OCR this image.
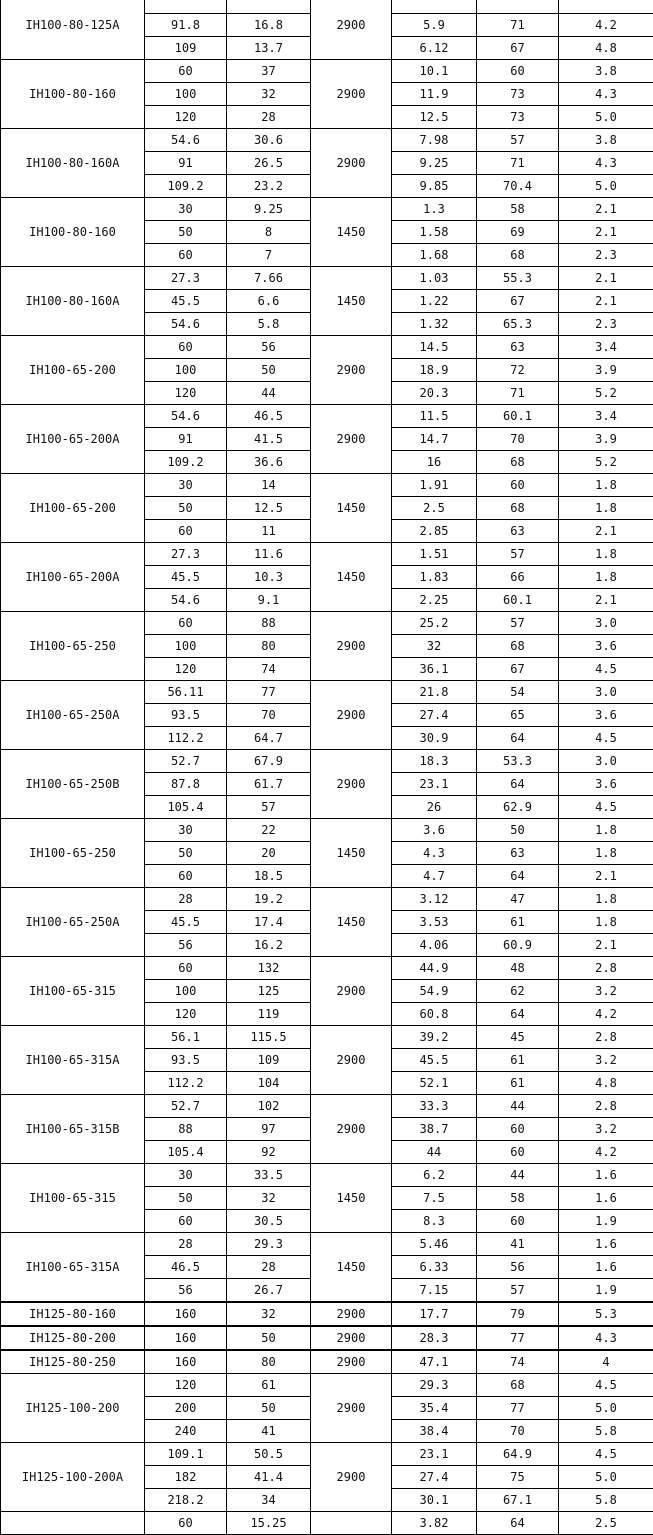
IH100-80-125A			2900			
	91.8	16.8		5.9	71	4.2
	109	13.7		6.12	67	4.8
IH100-80-160	60	37	2900	10.1	60	3.8
	100	32		11.9	73	4.3
	120	28		12.5	73	5.0
IH100-80-160A	54.6	30.6	2900	7.98	57	3.8
	91	26.5		9.25	71	4.3
	109.2	23.2		9.85	70.4	5.0
IH100-80-160	30	9.25	1450	1.3	58	2.1
	50	8		1.58	69	2.1
	60	7		1.68	68	2.3
IH100-80-160A	27.3	7.66	1450	1.03	55.3	2.1
	45.5	6.6		1.22	67	2.1
	54.6	5.8		1.32	65.3	2.3
IH100-65-200	60	56	2900	14.5	63	3.4
	100	50		18.9	72	3.9
	120	44		20.3	71	5.2
IH100-65-200A	54.6	46.5	2900	11.5	60.1	3.4
	91	41.5		14.7	70	3.9
	109.2	36.6		16	68	5.2
IH100-65-200	30	14	1450	1.91	60	1.8
	50	12.5		2.5	68	1.8
	60	11		2.85	63	2.1
IH100-65-200A	27.3	11.6	1450	1.51	57	1.8
	45.5	10.3		1.83	66	1.8
	54.6	9.1		2.25	60.1	2.1
IH100-65-250	60	88	2900	25.2	57	3.0
	100	80		32	68	3.6
	120	74		36.1	67	4.5
IH100-65-250A	56.11	77	2900	21.8	54	3.0
	93.5	70		27.4	65	3.6
	112.2	64.7		30.9	64	4.5
IH100-65-250B	52.7	67.9	2900	18.3	53.3	3.0
	87.8	61.7		23.1	64	3.6
	105.4	57		26	62.9	4.5
IH100-65-250	30	22	1450	3.6	50	1.8
	50	20		4.3	63	1.8
	60	18.5		4.7	64	2.1
IH100-65-250A	28	19.2	1450	3.12	47	1.8
	45.5	17.4		3.53	61	1.8
	56	16.2		4.06	60.9	2.1
IH100-65-315	60	132	2900	44.9	48	2.8
	100	125		54.9	62	3.2
	120	119		60.8	64	4.2
IH100-65-315A	56.1	115.5	2900	39.2	45	2.8
	93.5	109		45.5	61	3.2
	112.2	104		52.1	61	4.8
IH100-65-315B	52.7	102	2900	33.3	44	2.8
	88	97		38.7	60	3.2
	105.4	92		44	60	4.2
IH100-65-315	30	33.5	1450	6.2	44	1.6
	50	32		7.5	58	1.6
	60	30.5		8.3	60	1.9
IH100-65-315A	28	29.3	1450	5.46	41	1.6
	46.5	28		6.33	56	1.6
	56	26.7		7.15	57	1.9
IH125-80-160	160	32	2900	17.7	79	5.3
IH125-80-200	160	50	2900	28.3	77	4.3
IH125-80-250	160	80	2900	47.1	74	4
IH125-100-200	120	61	2900	29.3	68	4.5
	200	50		35.4	77	5.0
	240	41		38.4	70	5.8
IH125-100-200A	109.1	50.5	2900	23.1	64.9	4.5
	182	41.4		27.4	75	5.0
	218.2	34		30.1	67.1	5.8
	60	15.25		3.82	64	2.5
